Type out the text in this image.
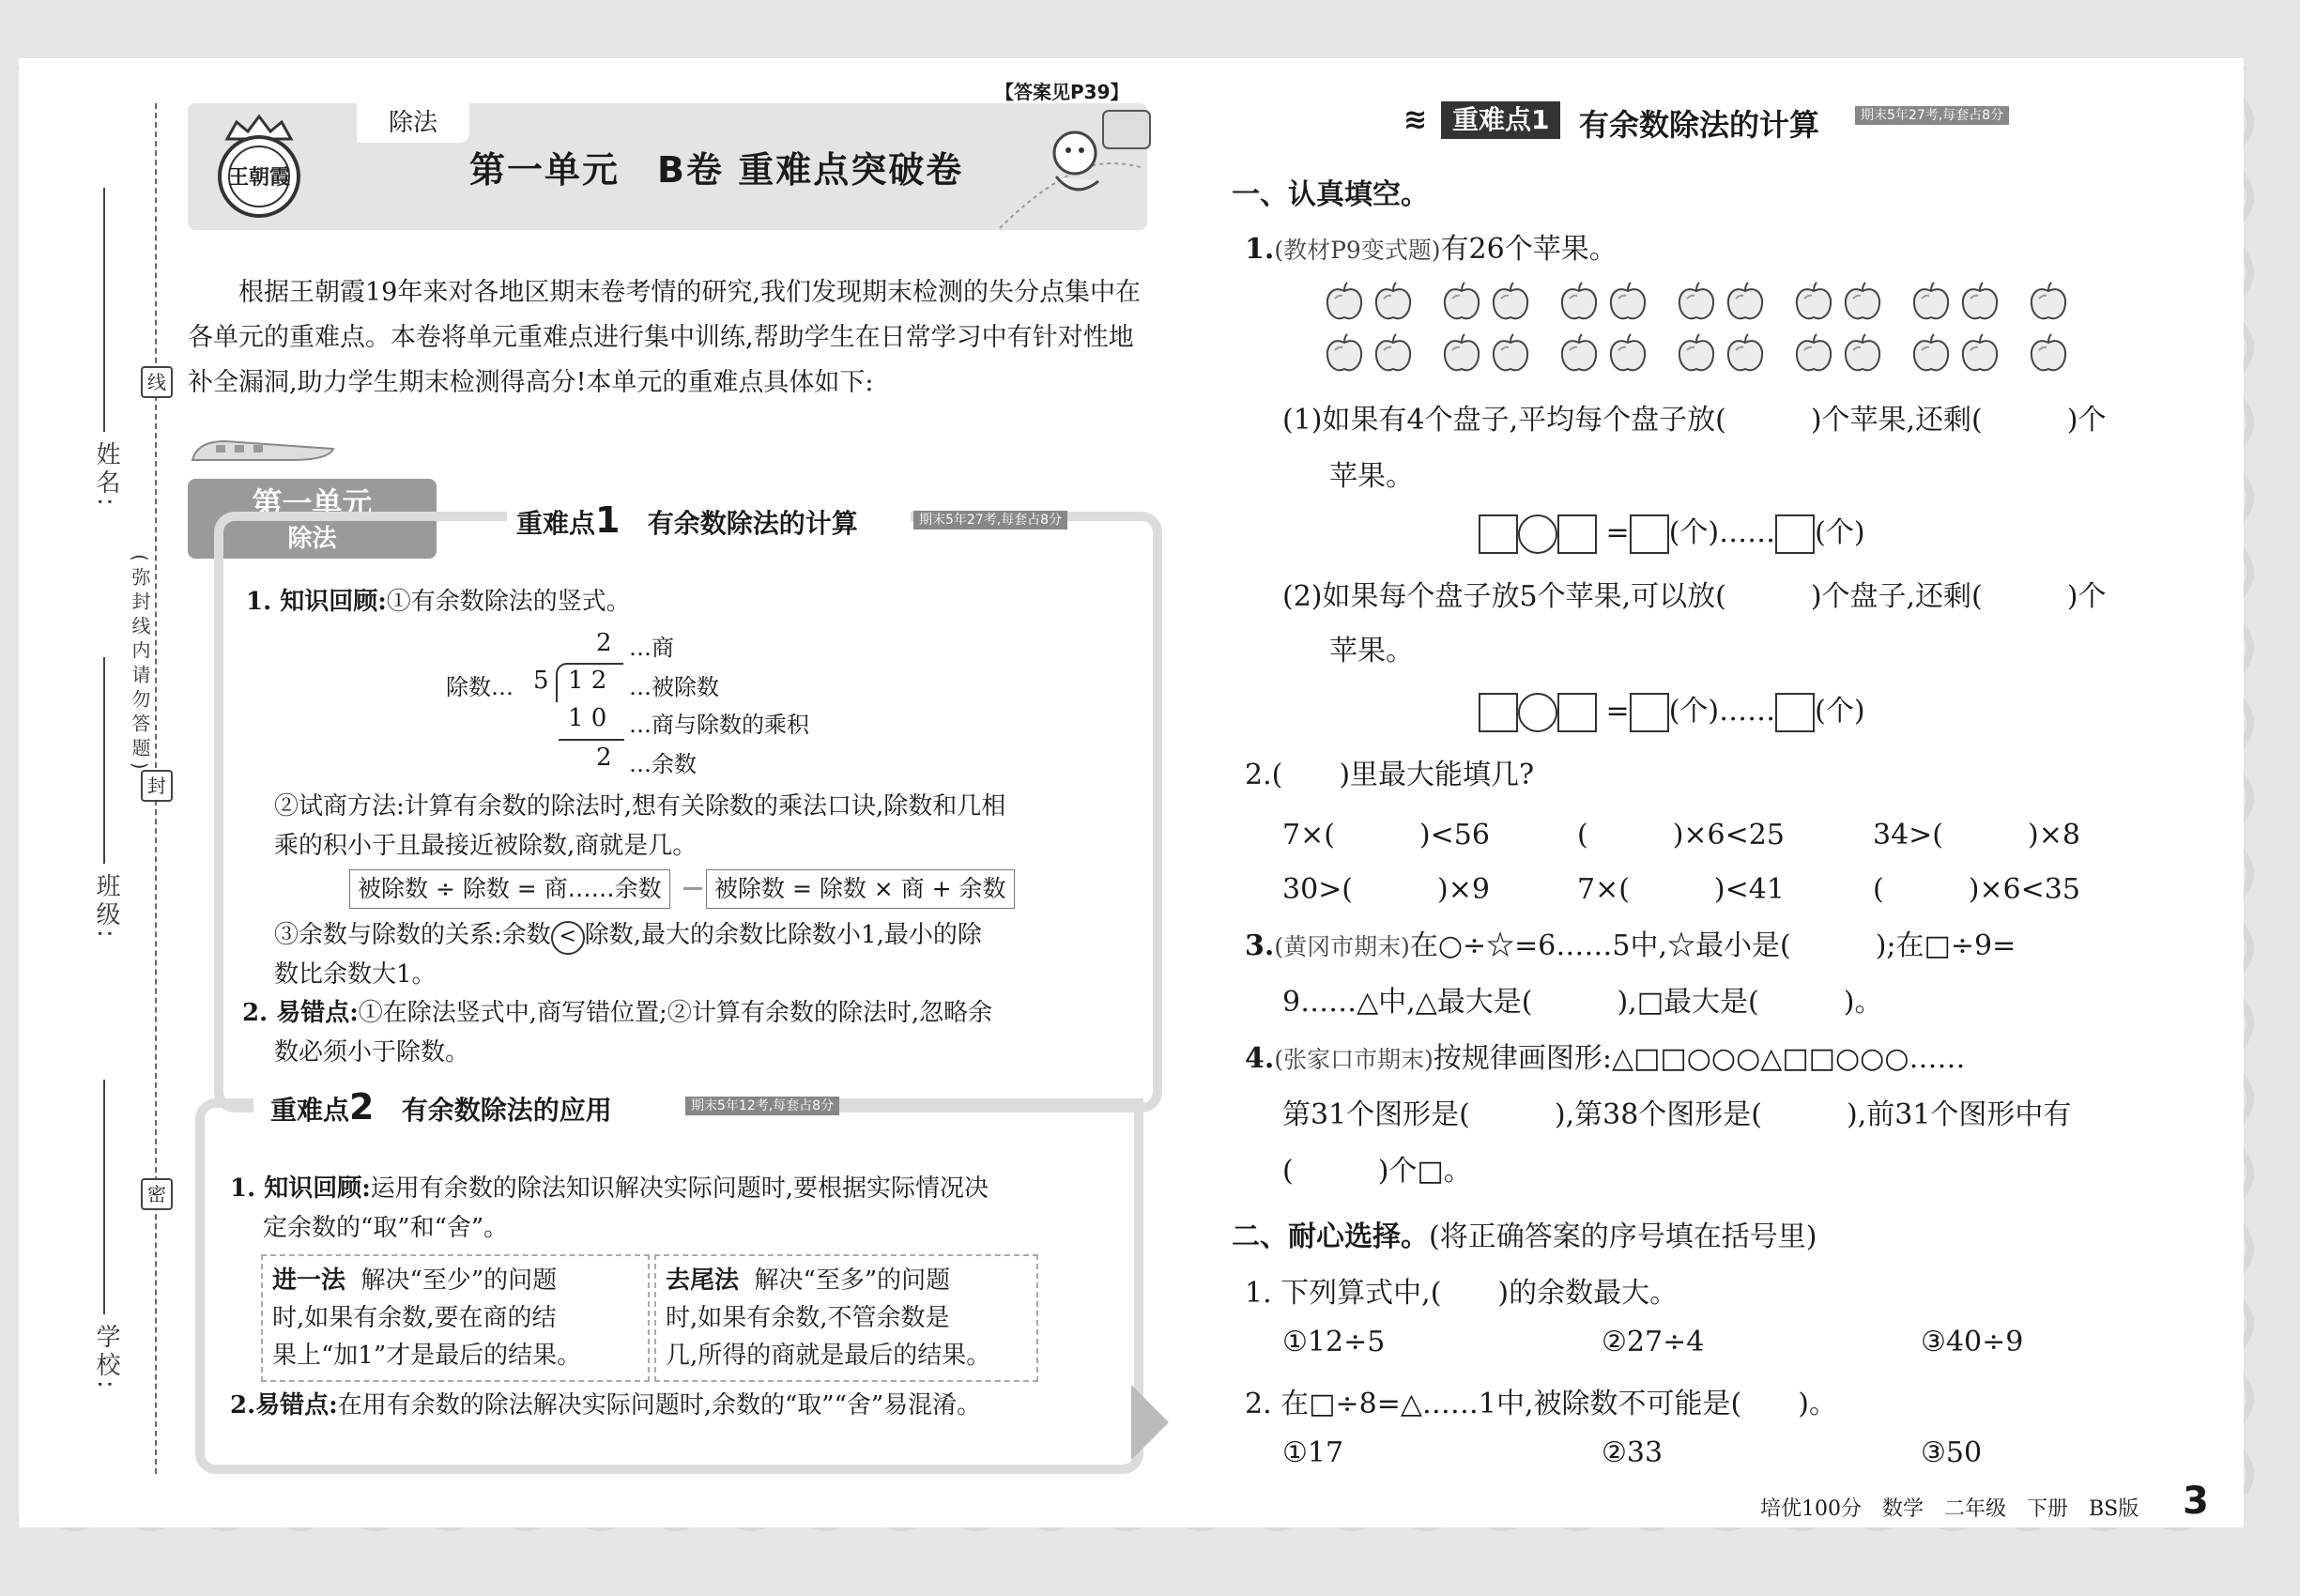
姓名:
班级:
学校:
线
封
密
(弥封线内请勿答题)
除法
第一单元　B卷 重难点突破卷
【答案见P39】
王朝霞
根据王朝霞19年来对各地区期末卷考情的研究,我们发现期末检测的失分点集中在各单元的重难点。本卷将单元重难点进行集中训练,帮助学生在日常学习中有针对性地补全漏洞,助力学生期末检测得高分!本单元的重难点具体如下:
第一单元
除法	重难点1 有余数除法的计算	期末5年27考,每套占8分
1. 知识回顾:①有余数除法的竖式。
2 …商
除数… 5 1 2 …被除数
1 0 …商与除数的乘积
2 …余数
②试商方法:计算有余数的除法时,想有关除数的乘法口诀,除数和几相
乘的积小于且最接近被除数,商就是几。
被除数 ÷ 除数 = 商……余数	被除数 = 除数 × 商 + 余数
③余数与除数的关系:余数 < 除数,最大的余数比除数小1,最小的除
数比余数大1。
2. 易错点:①在除法竖式中,商写错位置;②计算有余数的除法时,忽略余
数必须小于除数。
重难点2 有余数除法的应用	期末5年12考,每套占8分
1. 知识回顾:运用有余数的除法知识解决实际问题时,要根据实际情况决
定余数的“取”和“舍”。
进一法 解决“至少”的问题
时,如果有余数,要在商的结
果上“加1”才是最后的结果。
去尾法 解决“至多”的问题
时,如果有余数,不管余数是
几,所得的商就是最后的结果。
2.易错点:在用有余数的除法解决实际问题时,余数的“取”“舍”易混淆。
≋ 重难点1 有余数除法的计算	期末5年27考,每套占8分
一、认真填空。
1.(教材P9变式题)有26个苹果。
(1)如果有4个盘子,平均每个盘子放(　　　)个苹果,还剩(　　　)个
苹果。
= (个)…… (个)
(2)如果每个盘子放5个苹果,可以放(　　　)个盘子,还剩(　　　)个
苹果。
= (个)…… (个)
2.(　　)里最大能填几?
7×(　　　)<56	(　　　)×6<25	34>(　　　)×8
30>(　　　)×9	7×(　　　)<41	(　　　)×6<35
3.(黄冈市期末)在○÷☆=6……5中,☆最小是(　　　);在□÷9=
9……△中,△最大是(　　　),□最大是(　　　)。
4.(张家口市期末)按规律画图形:△□□○○○△□□○○○……
第31个图形是(　　　),第38个图形是(　　　),前31个图形中有
(　　　)个□。
二、耐心选择。(将正确答案的序号填在括号里)
1. 下列算式中,(　　)的余数最大。
①12÷5	②27÷4	③40÷9
2. 在□÷8=△……1中,被除数不可能是(　　)。
①17	②33	③50
培优100分　数学　二年级　下册　BS版 3
